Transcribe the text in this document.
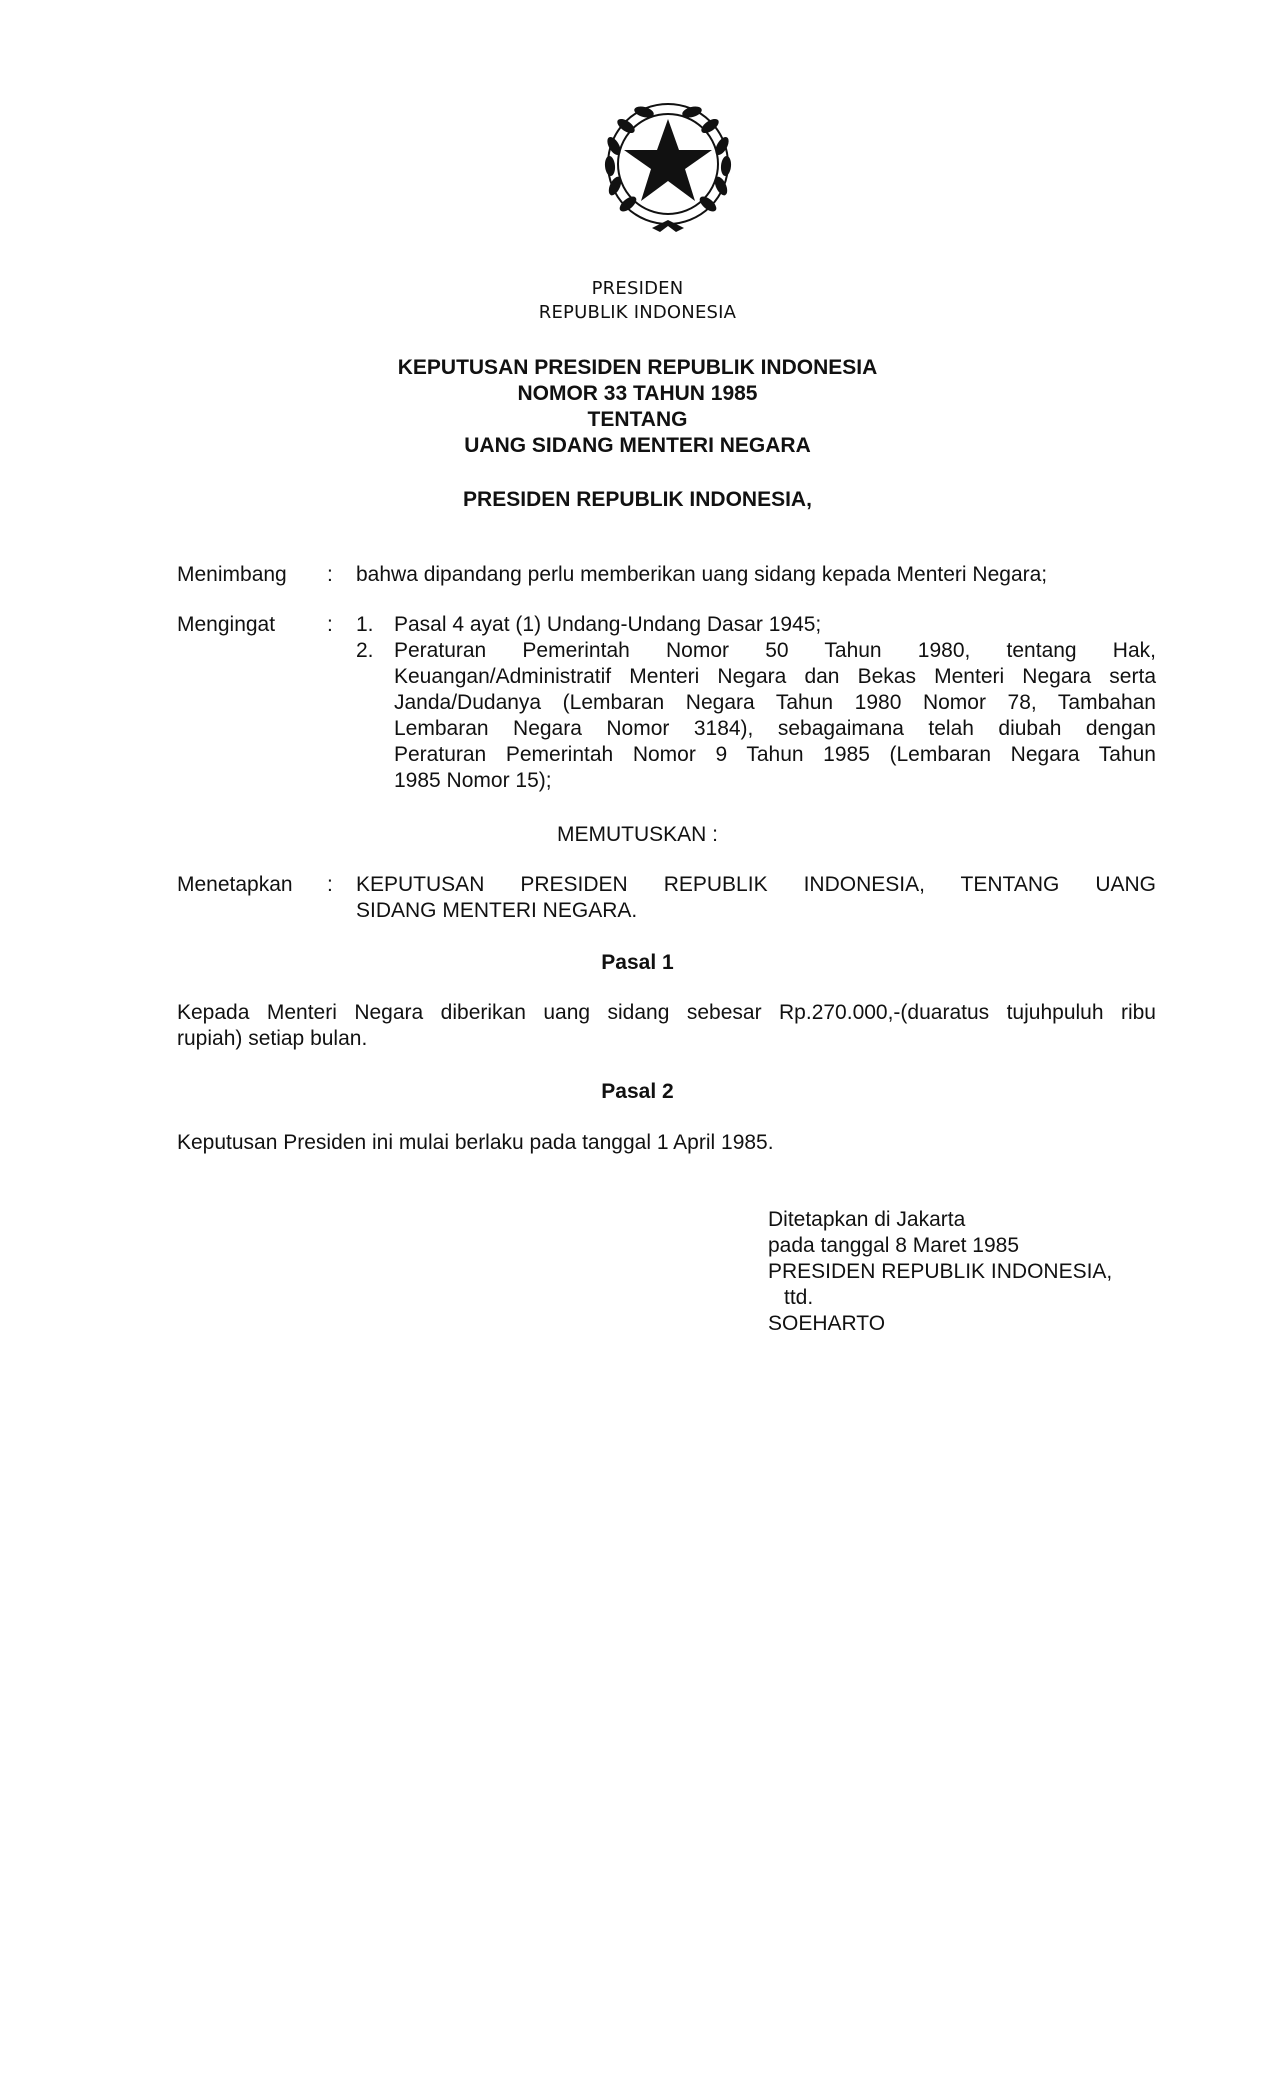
PRESIDEN
REPUBLIK INDONESIA
KEPUTUSAN PRESIDEN REPUBLIK INDONESIA
NOMOR 33 TAHUN 1985
TENTANG
UANG SIDANG MENTERI NEGARA
PRESIDEN REPUBLIK INDONESIA,
Menimbang : bahwa dipandang perlu memberikan uang sidang kepada Menteri Negara;
Mengingat : 1. Pasal 4 ayat (1) Undang-Undang Dasar 1945;
2. Peraturan Pemerintah Nomor 50 Tahun 1980, tentang Hak,
Keuangan/Administratif Menteri Negara dan Bekas Menteri Negara serta
Janda/Dudanya (Lembaran Negara Tahun 1980 Nomor 78, Tambahan
Lembaran Negara Nomor 3184), sebagaimana telah diubah dengan
Peraturan Pemerintah Nomor 9 Tahun 1985 (Lembaran Negara Tahun
1985 Nomor 15);
MEMUTUSKAN :
Menetapkan : KEPUTUSAN PRESIDEN REPUBLIK INDONESIA, TENTANG UANG
SIDANG MENTERI NEGARA.
Pasal 1
Kepada Menteri Negara diberikan uang sidang sebesar Rp.270.000,-(duaratus tujuhpuluh ribu
rupiah) setiap bulan.
Pasal 2
Keputusan Presiden ini mulai berlaku pada tanggal 1 April 1985.
Ditetapkan di Jakarta
pada tanggal 8 Maret 1985
PRESIDEN REPUBLIK INDONESIA,
ttd.
SOEHARTO
